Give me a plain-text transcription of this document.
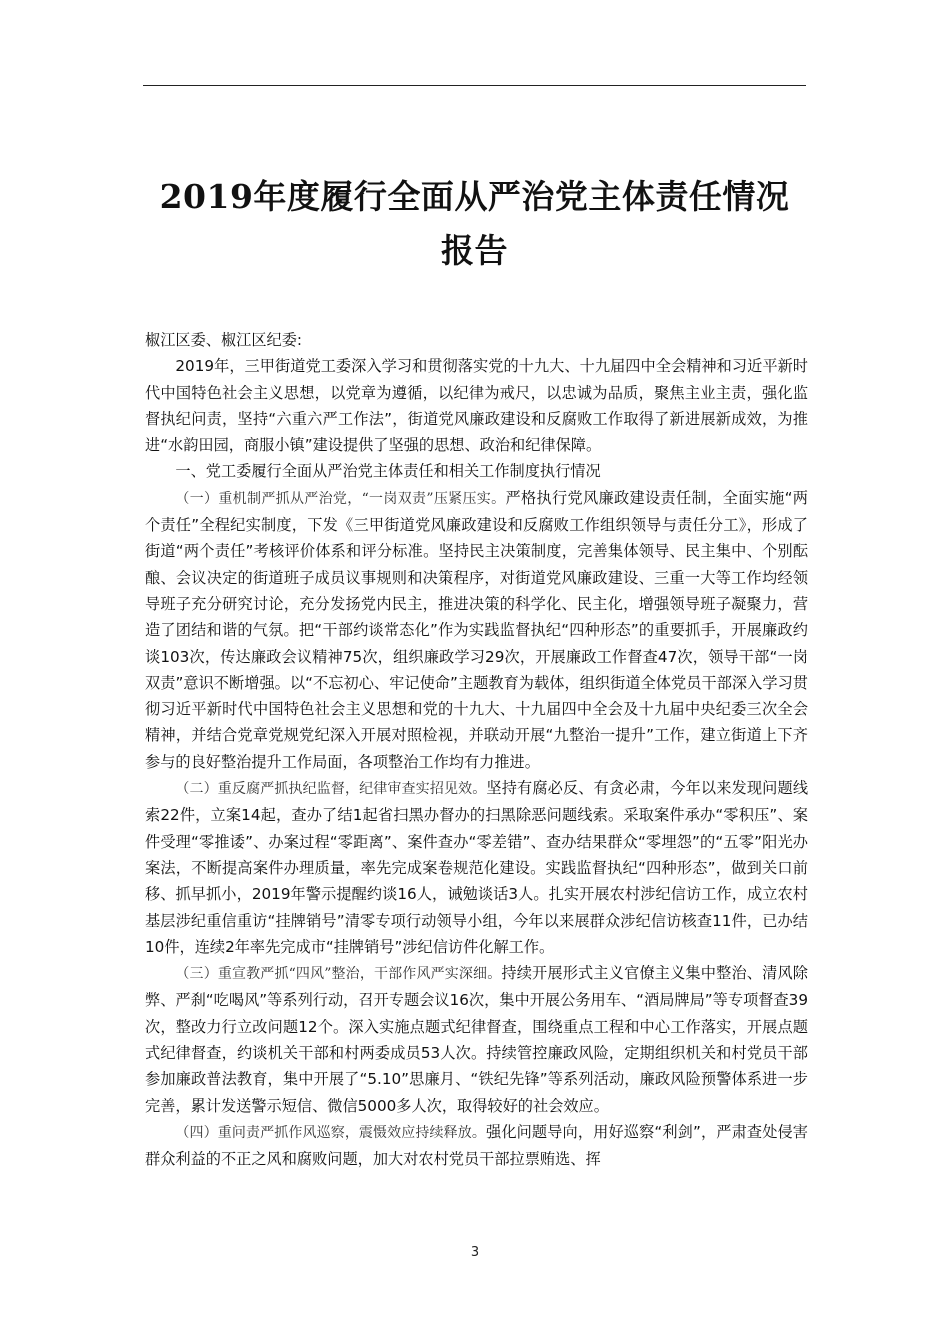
2019年度履行全面从严治党主体责任情况报告

椒江区委、椒江区纪委:

2019年，三甲街道党工委深入学习和贯彻落实党的十九大、十九届四中全会精神和习近平新时代中国特色社会主义思想，以党章为遵循，以纪律为戒尺，以忠诚为品质，聚焦主业主责，强化监督执纪问责，坚持“六重六严工作法”，街道党风廉政建设和反腐败工作取得了新进展新成效，为推进“水韵田园，商服小镇”建设提供了坚强的思想、政治和纪律保障。

一、党工委履行全面从严治党主体责任和相关工作制度执行情况

（一）重机制严抓从严治党，“一岗双责”压紧压实。严格执行党风廉政建设责任制，全面实施“两个责任”全程纪实制度，下发《三甲街道党风廉政建设和反腐败工作组织领导与责任分工》，形成了街道“两个责任”考核评价体系和评分标准。坚持民主决策制度，完善集体领导、民主集中、个别酝酿、会议决定的街道班子成员议事规则和决策程序，对街道党风廉政建设、三重一大等工作均经领导班子充分研究讨论，充分发扬党内民主，推进决策的科学化、民主化，增强领导班子凝聚力，营造了团结和谐的气氛。把“干部约谈常态化”作为实践监督执纪“四种形态”的重要抓手，开展廉政约谈103次，传达廉政会议精神75次，组织廉政学习29次，开展廉政工作督查47次，领导干部“一岗双责”意识不断增强。以“不忘初心、牢记使命”主题教育为载体，组织街道全体党员干部深入学习贯彻习近平新时代中国特色社会主义思想和党的十九大、十九届四中全会及十九届中央纪委三次全会精神，并结合党章党规党纪深入开展对照检视，并联动开展“九整治一提升”工作，建立街道上下齐参与的良好整治提升工作局面，各项整治工作均有力推进。

（二）重反腐严抓执纪监督，纪律审查实招见效。坚持有腐必反、有贪必肃，今年以来发现问题线索22件，立案14起，查办了结1起省扫黑办督办的扫黑除恶问题线索。采取案件承办“零积压”、案件受理“零推诿”、办案过程“零距离”、案件查办“零差错”、查办结果群众“零埋怨”的“五零”阳光办案法，不断提高案件办理质量，率先完成案卷规范化建设。实践监督执纪“四种形态”，做到关口前移、抓早抓小，2019年警示提醒约谈16人，诫勉谈话3人。扎实开展农村涉纪信访工作，成立农村基层涉纪重信重访“挂牌销号”清零专项行动领导小组，今年以来展群众涉纪信访核查11件，已办结10件，连续2年率先完成市“挂牌销号”涉纪信访件化解工作。

（三）重宣教严抓“四风”整治，干部作风严实深细。持续开展形式主义官僚主义集中整治、清风除弊、严刹“吃喝风”等系列行动，召开专题会议16次，集中开展公务用车、“酒局牌局”等专项督查39次，整改力行立改问题12个。深入实施点题式纪律督查，围绕重点工程和中心工作落实，开展点题式纪律督查，约谈机关干部和村两委成员53人次。持续管控廉政风险，定期组织机关和村党员干部参加廉政普法教育，集中开展了“5.10”思廉月、“铁纪先锋”等系列活动，廉政风险预警体系进一步完善，累计发送警示短信、微信5000多人次，取得较好的社会效应。

（四）重问责严抓作风巡察，震慑效应持续释放。强化问题导向，用好巡察“利剑”，严肃查处侵害群众利益的不正之风和腐败问题，加大对农村党员干部拉票贿选、挥

3
